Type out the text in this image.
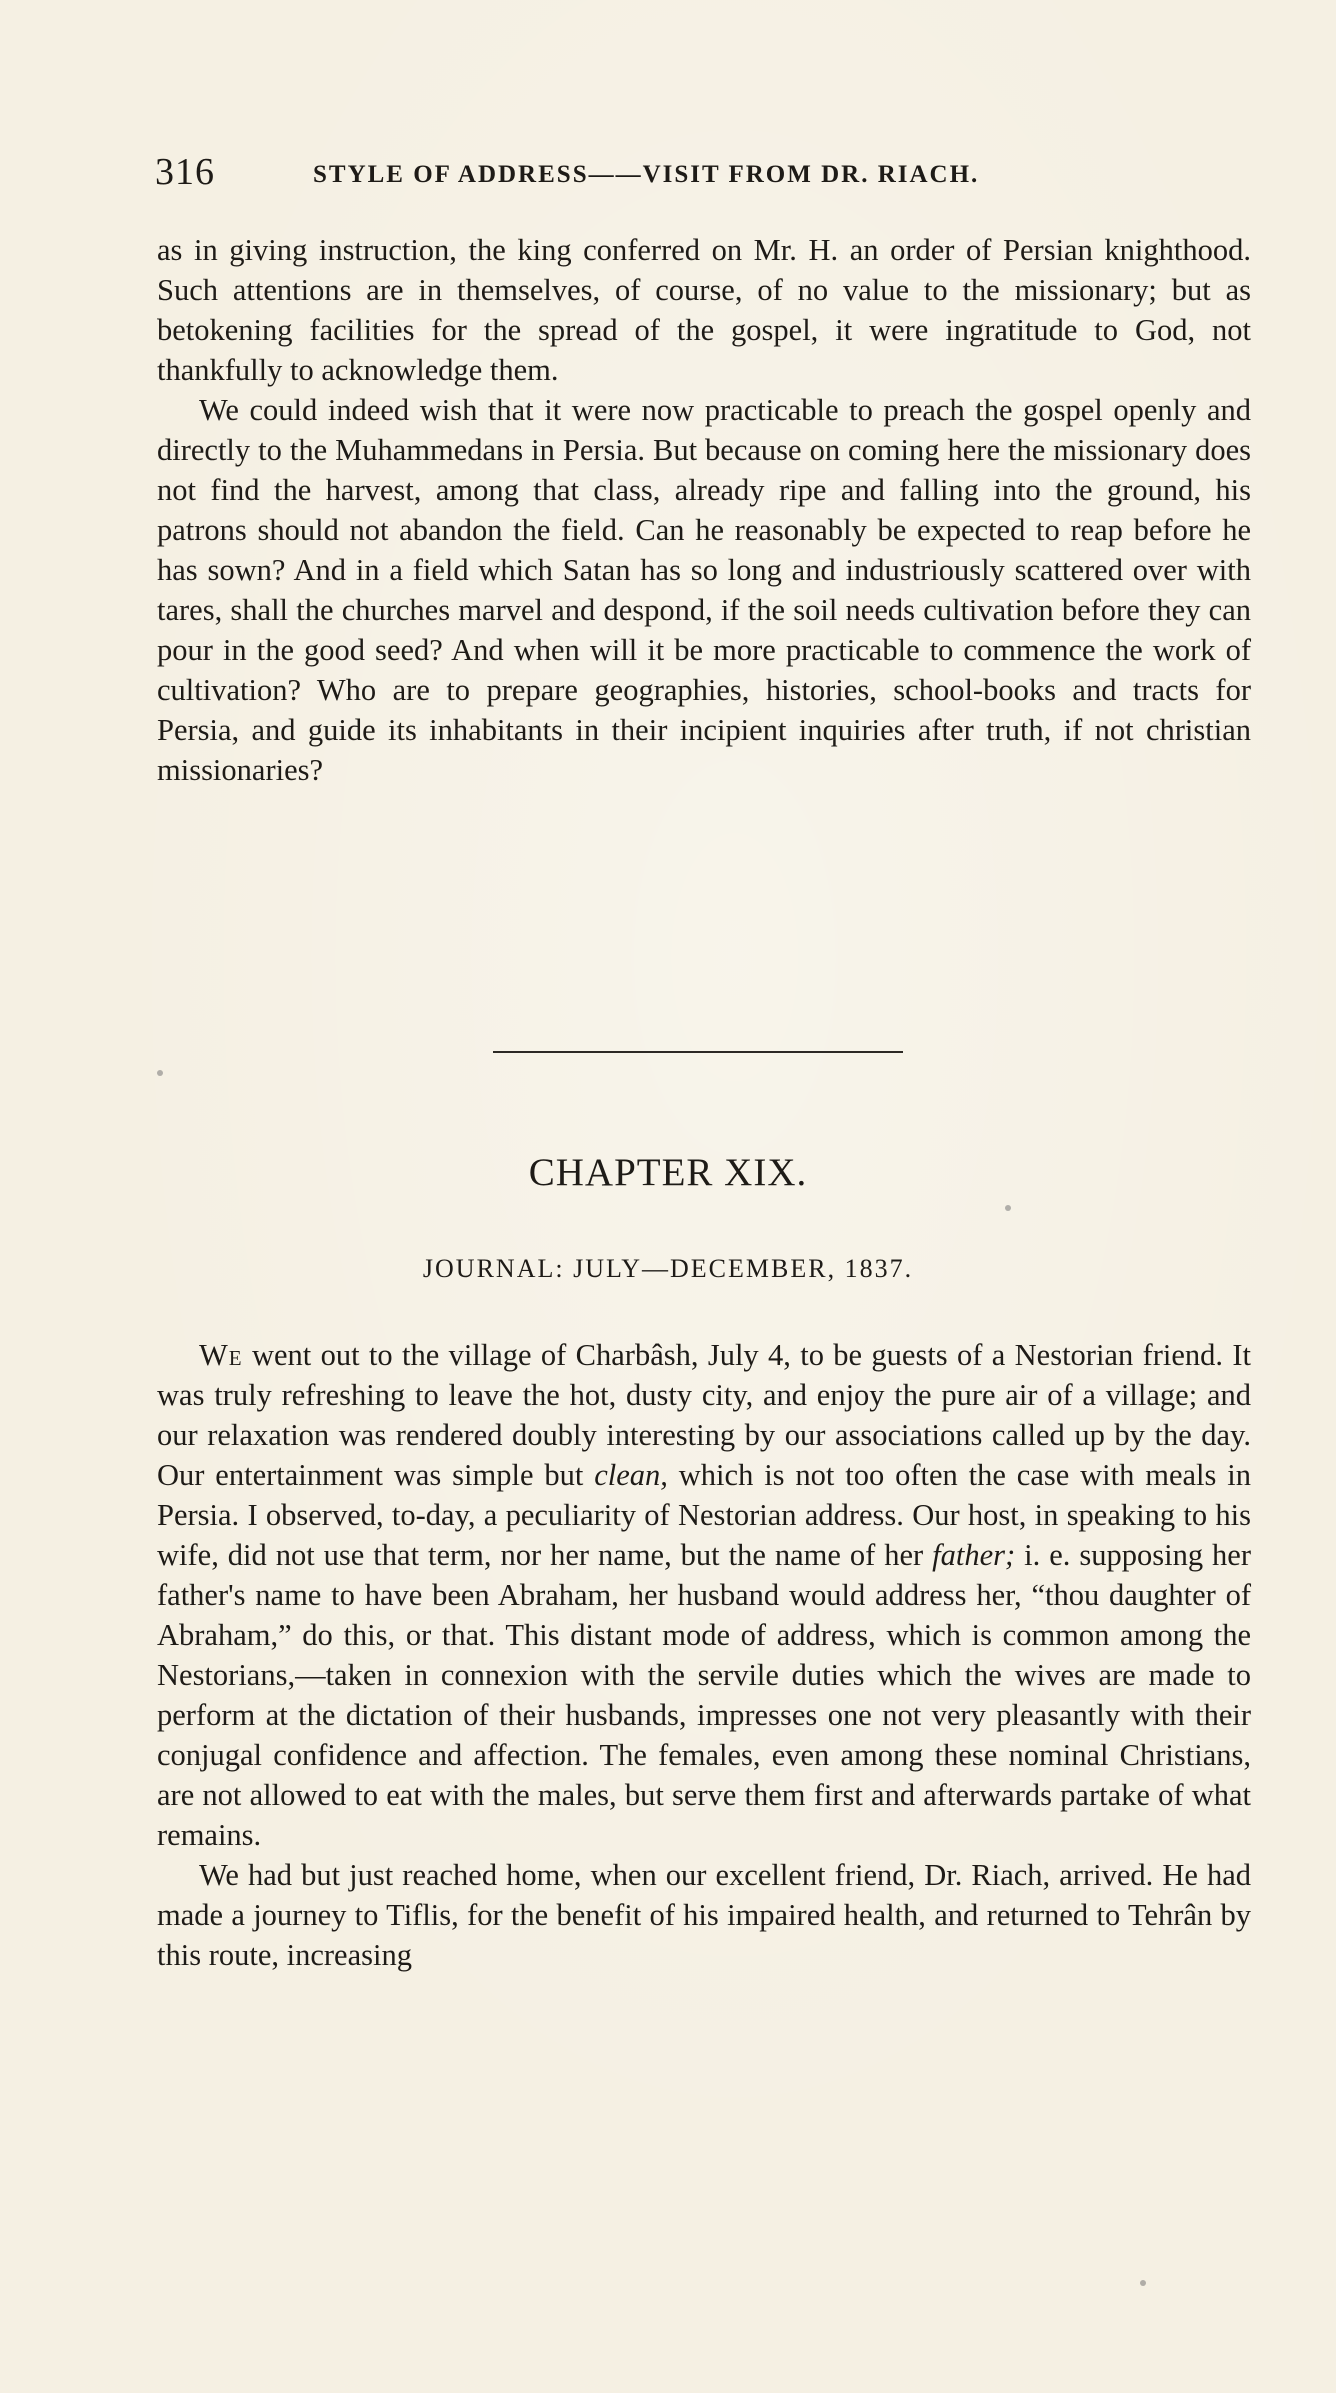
316	STYLE OF ADDRESS——VISIT FROM DR. RIACH.

as in giving instruction, the king conferred on Mr. H. an order of Persian knighthood. Such attentions are in themselves, of course, of no value to the missionary; but as betokening facilities for the spread of the gospel, it were ingratitude to God, not thankfully to acknowledge them.

We could indeed wish that it were now practicable to preach the gospel openly and directly to the Muhammedans in Persia. But because on coming here the missionary does not find the harvest, among that class, already ripe and falling into the ground, his patrons should not abandon the field. Can he reasonably be expected to reap before he has sown? And in a field which Satan has so long and industriously scattered over with tares, shall the churches marvel and despond, if the soil needs cultivation before they can pour in the good seed? And when will it be more practicable to commence the work of cultivation? Who are to prepare geographies, histories, school-books and tracts for Persia, and guide its inhabitants in their incipient inquiries after truth, if not christian missionaries?

CHAPTER XIX.
JOURNAL: JULY—DECEMBER, 1837.

We went out to the village of Charbâsh, July 4, to be guests of a Nestorian friend. It was truly refreshing to leave the hot, dusty city, and enjoy the pure air of a village; and our relaxation was rendered doubly interesting by our associations called up by the day. Our entertainment was simple but clean, which is not too often the case with meals in Persia. I observed, to-day, a peculiarity of Nestorian address. Our host, in speaking to his wife, did not use that term, nor her name, but the name of her father; i. e. supposing her father's name to have been Abraham, her husband would address her, “thou daughter of Abraham,” do this, or that. This distant mode of address, which is common among the Nestorians,—taken in connexion with the servile duties which the wives are made to perform at the dictation of their husbands, impresses one not very pleasantly with their conjugal confidence and affection. The females, even among these nominal Christians, are not allowed to eat with the males, but serve them first and afterwards partake of what remains.

We had but just reached home, when our excellent friend, Dr. Riach, arrived. He had made a journey to Tiflis, for the benefit of his impaired health, and returned to Tehrân by this route, increasing
